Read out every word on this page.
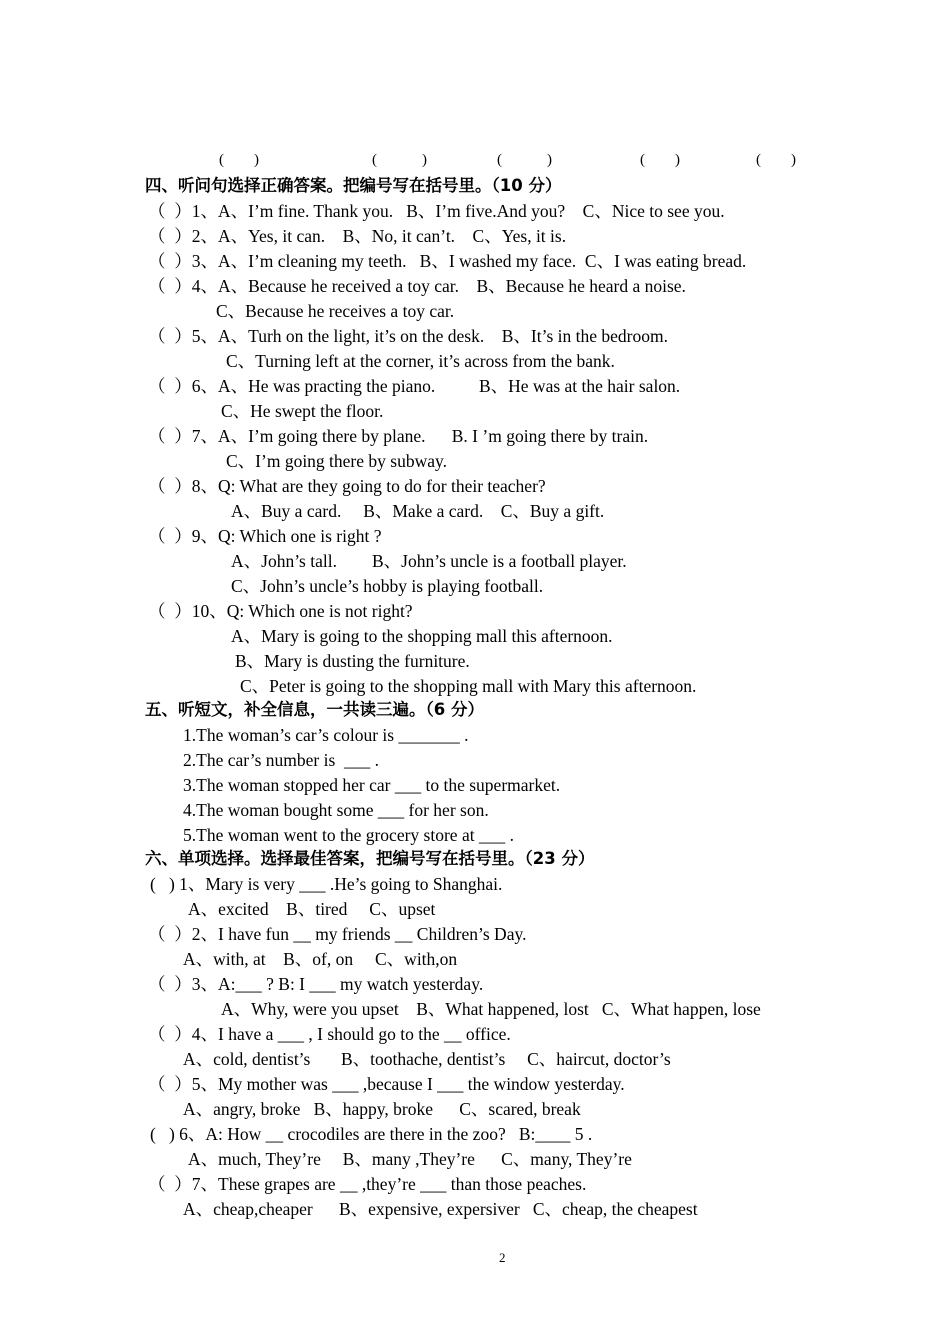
(　　)	(　　　)	(　　　)	(　　)	(　　)
四、听问句选择正确答案。把编号写在括号里。（10 分）
（  ）1、A、I’m fine. Thank you.   B、I’m five.And you?    C、Nice to see you.
（  ）2、A、Yes, it can.    B、No, it can’t.    C、Yes, it is.
（  ）3、A、I’m cleaning my teeth.   B、I washed my face.  C、I was eating bread.
（  ）4、A、Because he received a toy car.    B、Because he heard a noise.
C、Because he receives a toy car.
（  ）5、A、Turh on the light, it’s on the desk.    B、It’s in the bedroom.
C、Turning left at the corner, it’s across from the bank.
（  ）6、A、He was practing the piano.          B、He was at the hair salon.
C、He swept the floor.
（  ）7、A、I’m going there by plane.      B. I ’m going there by train.
C、I’m going there by subway.
（  ）8、Q: What are they going to do for their teacher?
A、Buy a card.     B、Make a card.    C、Buy a gift.
（  ）9、Q: Which one is right ?
A、John’s tall.        B、John’s uncle is a football player.
C、John’s uncle’s hobby is playing football.
（  ）10、Q: Which one is not right?
A、Mary is going to the shopping mall this afternoon.
B、Mary is dusting the furniture.
C、Peter is going to the shopping mall with Mary this afternoon.
五、听短文，补全信息，一共读三遍。（6 分）
1.The woman’s car’s colour is _______ .
2.The car’s number is  ___ .
3.The woman stopped her car ___ to the supermarket.
4.The woman bought some ___ for her son.
5.The woman went to the grocery store at ___ .
六、单项选择。选择最佳答案，把编号写在括号里。（23 分）
(   ) 1、Mary is very ___ .He’s going to Shanghai.
A、excited    B、tired     C、upset
（  ）2、I have fun __ my friends __ Children’s Day.
A、with, at    B、of, on     C、with,on
（  ）3、A:___ ? B: I ___ my watch yesterday.
A、Why, were you upset    B、What happened, lost   C、What happen, lose
（  ）4、I have a ___ , I should go to the __ office.
A、cold, dentist’s       B、toothache, dentist’s     C、haircut, doctor’s
（  ）5、My mother was ___ ,because I ___ the window yesterday.
A、angry, broke   B、happy, broke      C、scared, break
(   ) 6、A: How __ crocodiles are there in the zoo?   B:____ 5 .
A、much, They’re     B、many ,They’re      C、many, They’re
（  ）7、These grapes are __ ,they’re ___ than those peaches.
A、cheap,cheaper      B、expensive, expersiver   C、cheap, the cheapest
2
